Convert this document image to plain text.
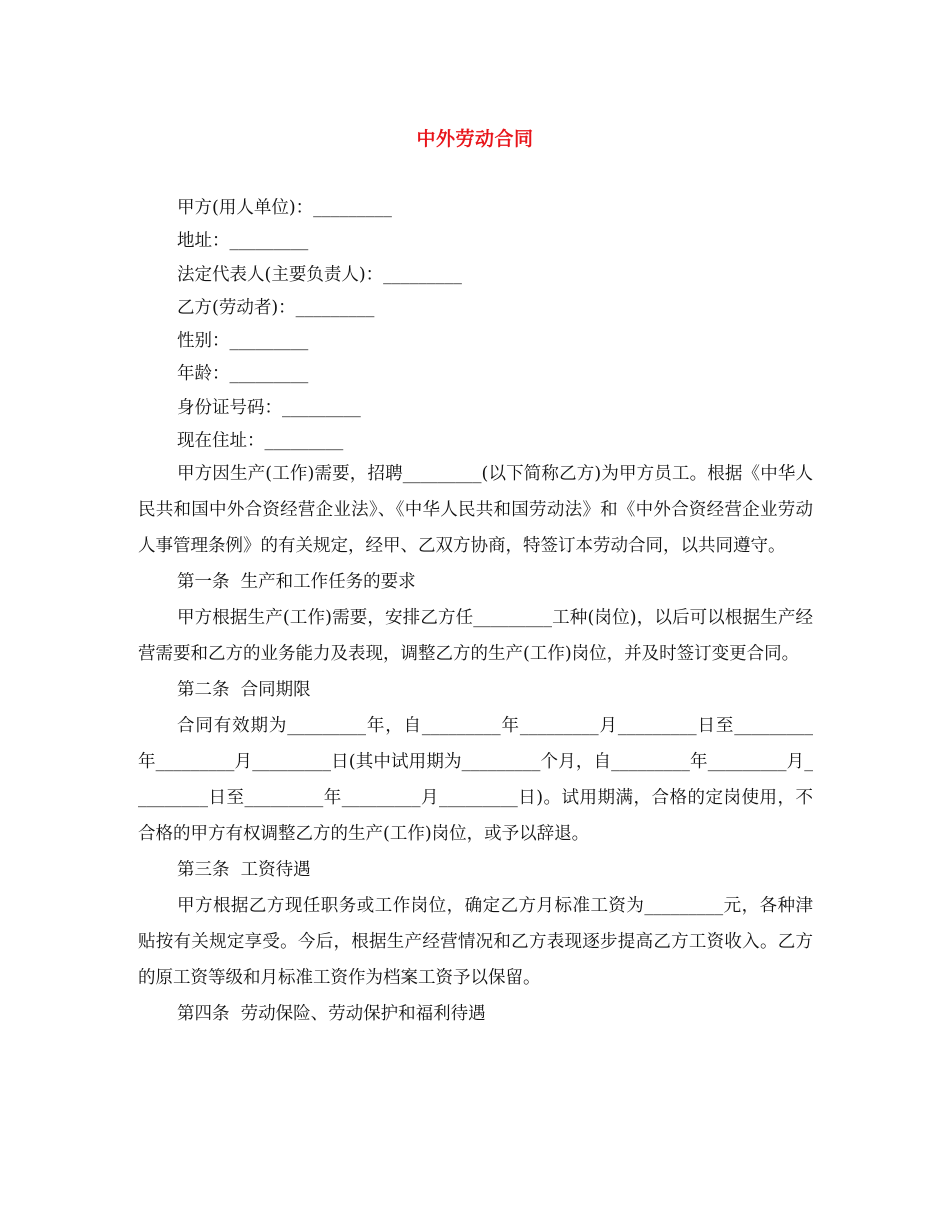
中外劳动合同
甲方(用人单位)：_________
地址：_________
法定代表人(主要负责人)：_________
乙方(劳动者)：_________
性别：_________
年龄：_________
身份证号码：_________
现在住址：_________

甲方因生产(工作)需要，招聘_________(以下简称乙方)为甲方员工。根据《中华人民共和国中外合资经营企业法》、《中华人民共和国劳动法》和《中外合资经营企业劳动人事管理条例》的有关规定，经甲、乙双方协商，特签订本劳动合同，以共同遵守。

第一条  生产和工作任务的要求

甲方根据生产(工作)需要，安排乙方任_________工种(岗位)，以后可以根据生产经营需要和乙方的业务能力及表现，调整乙方的生产(工作)岗位，并及时签订变更合同。

第二条  合同期限

合同有效期为_________年，自_________年_________月_________日至_________年_________月_________日(其中试用期为_________个月，自_________年_________月_________日至_________年_________月_________日)。试用期满，合格的定岗使用，不合格的甲方有权调整乙方的生产(工作)岗位，或予以辞退。

第三条  工资待遇

甲方根据乙方现任职务或工作岗位，确定乙方月标准工资为_________元，各种津贴按有关规定享受。今后，根据生产经营情况和乙方表现逐步提高乙方工资收入。乙方的原工资等级和月标准工资作为档案工资予以保留。

第四条  劳动保险、劳动保护和福利待遇
